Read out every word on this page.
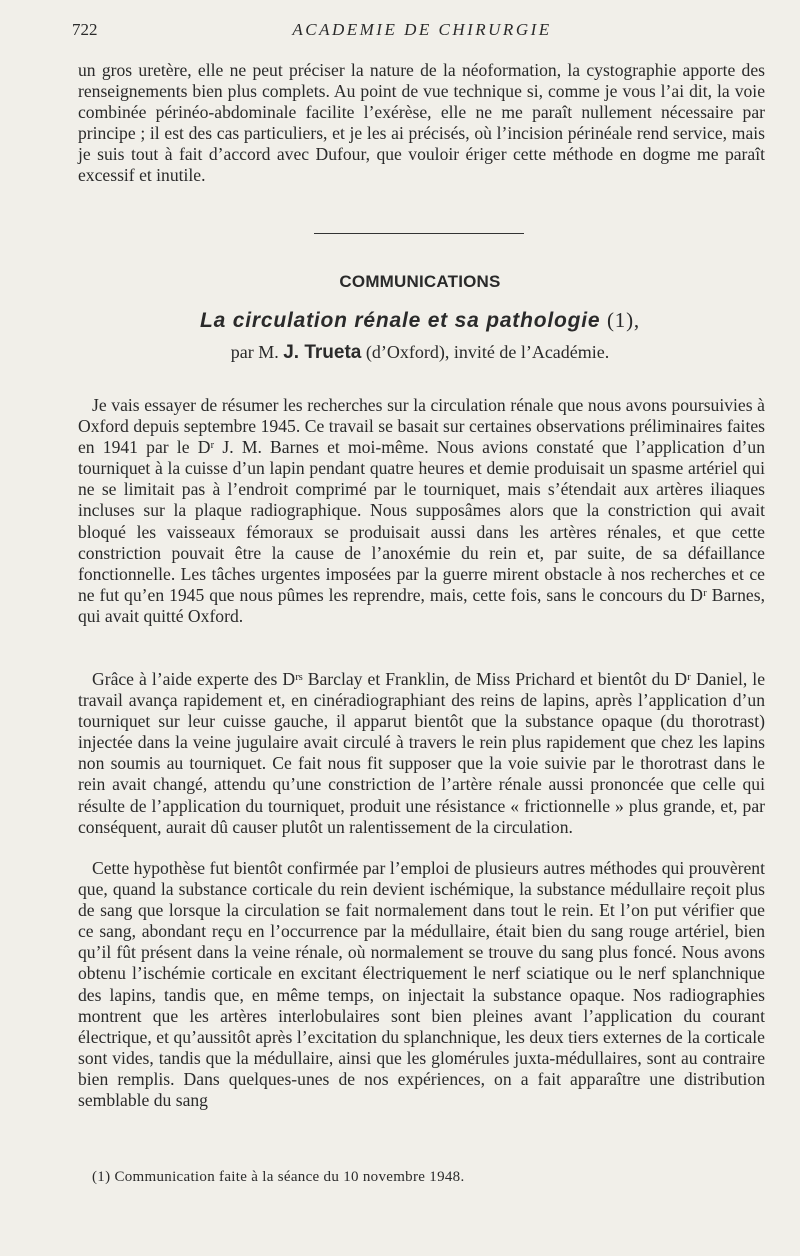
722	ACADEMIE DE CHIRURGIE

un gros uretère, elle ne peut préciser la nature de la néoformation, la cystographie apporte des renseignements bien plus complets. Au point de vue technique si, comme je vous l’ai dit, la voie combinée périnéo-abdominale facilite l’exérèse, elle ne me paraît nullement nécessaire par principe ; il est des cas particuliers, et je les ai précisés, où l’incision périnéale rend service, mais je suis tout à fait d’accord avec Dufour, que vouloir ériger cette méthode en dogme me paraît excessif et inutile.

COMMUNICATIONS
La circulation rénale et sa pathologie (1),
par M. J. Trueta (d’Oxford), invité de l’Académie.

Je vais essayer de résumer les recherches sur la circulation rénale que nous avons poursuivies à Oxford depuis septembre 1945. Ce travail se basait sur certaines observations préliminaires faites en 1941 par le Dʳ J. M. Barnes et moi-même. Nous avions constaté que l’application d’un tourniquet à la cuisse d’un lapin pendant quatre heures et demie produisait un spasme artériel qui ne se limitait pas à l’endroit comprimé par le tourniquet, mais s’étendait aux artères iliaques incluses sur la plaque radiographique. Nous supposâmes alors que la constriction qui avait bloqué les vaisseaux fémoraux se produisait aussi dans les artères rénales, et que cette constriction pouvait être la cause de l’anoxémie du rein et, par suite, de sa défaillance fonctionnelle. Les tâches urgentes imposées par la guerre mirent obstacle à nos recherches et ce ne fut qu’en 1945 que nous pûmes les reprendre, mais, cette fois, sans le concours du Dʳ Barnes, qui avait quitté Oxford.

Grâce à l’aide experte des Dʳˢ Barclay et Franklin, de Miss Prichard et bientôt du Dʳ Daniel, le travail avança rapidement et, en cinéradiographiant des reins de lapins, après l’application d’un tourniquet sur leur cuisse gauche, il apparut bientôt que la substance opaque (du thorotrast) injectée dans la veine jugulaire avait circulé à travers le rein plus rapidement que chez les lapins non soumis au tourniquet. Ce fait nous fit supposer que la voie suivie par le thorotrast dans le rein avait changé, attendu qu’une constriction de l’artère rénale aussi prononcée que celle qui résulte de l’application du tourniquet, produit une résistance « frictionnelle » plus grande, et, par conséquent, aurait dû causer plutôt un ralentissement de la circulation.

Cette hypothèse fut bientôt confirmée par l’emploi de plusieurs autres méthodes qui prouvèrent que, quand la substance corticale du rein devient ischémique, la substance médullaire reçoit plus de sang que lorsque la circulation se fait normalement dans tout le rein. Et l’on put vérifier que ce sang, abondant reçu en l’occurrence par la médullaire, était bien du sang rouge artériel, bien qu’il fût présent dans la veine rénale, où normalement se trouve du sang plus foncé. Nous avons obtenu l’ischémie corticale en excitant électriquement le nerf sciatique ou le nerf splanchnique des lapins, tandis que, en même temps, on injectait la substance opaque. Nos radiographies montrent que les artères interlobulaires sont bien pleines avant l’application du courant électrique, et qu’aussitôt après l’excitation du splanchnique, les deux tiers externes de la corticale sont vides, tandis que la médullaire, ainsi que les glomérules juxta-médullaires, sont au contraire bien remplis. Dans quelques-unes de nos expériences, on a fait apparaître une distribution semblable du sang

(1) Communication faite à la séance du 10 novembre 1948.
